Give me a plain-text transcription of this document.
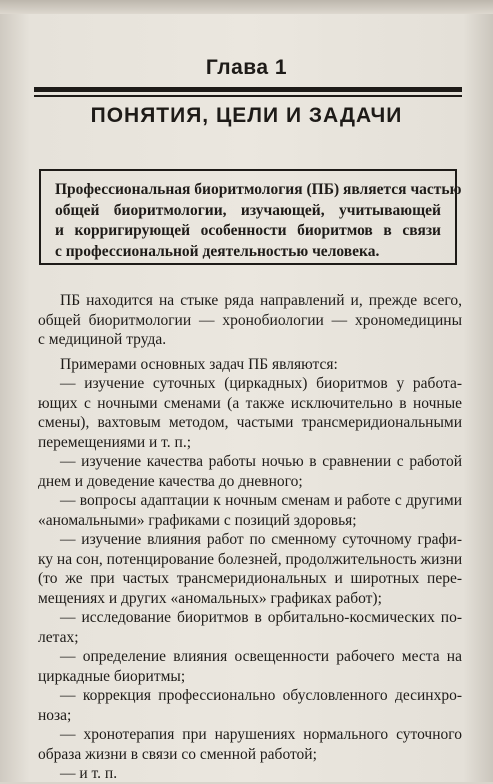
Глава 1
ПОНЯТИЯ, ЦЕЛИ И ЗАДАЧИ
Профессиональная биоритмология (ПБ) является частью
общей биоритмологии, изучающей, учитывающей
и корригирующей особенности биоритмов в связи
с профессиональной деятельностью человека.
ПБ находится на стыке ряда направлений и, прежде всего,
общей биоритмологии — хронобиологии — хрономедицины
с медициной труда.
Примерами основных задач ПБ являются:
— изучение суточных (циркадных) биоритмов у работа-
ющих с ночными сменами (а также исключительно в ночные
смены), вахтовым методом, частыми трансмеридиональными
перемещениями и т. п.;
— изучение качества работы ночью в сравнении с работой
днем и доведение качества до дневного;
— вопросы адаптации к ночным сменам и работе с другими
«аномальными» графиками с позиций здоровья;
— изучение влияния работ по сменному суточному графи-
ку на сон, потенцирование болезней, продолжительность жизни
(то же при частых трансмеридиональных и широтных пере-
мещениях и других «аномальных» графиках работ);
— исследование биоритмов в орбитально-космических по-
летах;
— определение влияния освещенности рабочего места на
циркадные биоритмы;
— коррекция профессионально обусловленного десинхро-
ноза;
— хронотерапия при нарушениях нормального суточного
образа жизни в связи со сменной работой;
— и т. п.
